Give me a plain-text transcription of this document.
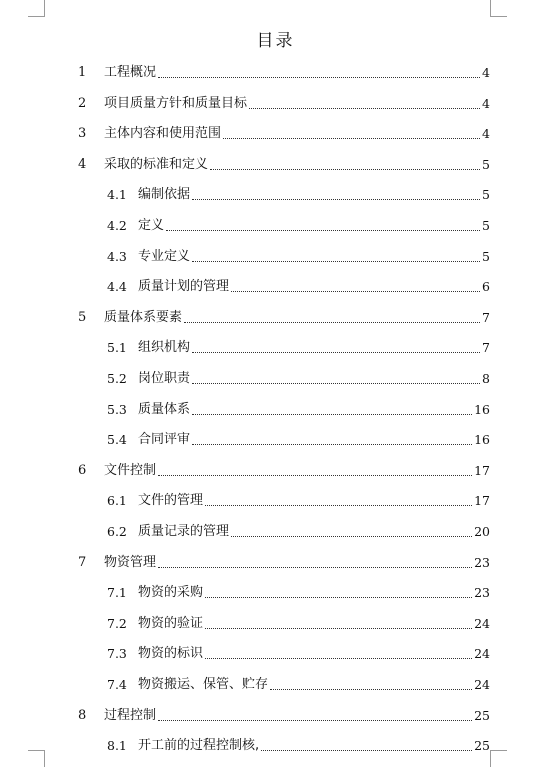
目录
1	工程概况	4
2	项目质量方针和质量目标	4
3	主体内容和使用范围	4
4	采取的标准和定义	5
4.1 编制依据	5
4.2 定义	5
4.3 专业定义	5
4.4 质量计划的管理	6
5	质量体系要素	7
5.1 组织机构	7
5.2 岗位职责	8
5.3 质量体系	16
5.4 合同评审	16
6	文件控制	17
6.1 文件的管理	17
6.2 质量记录的管理	20
7	物资管理	23
7.1 物资的采购	23
7.2 物资的验证	24
7.3 物资的标识	24
7.4 物资搬运、保管、贮存	24
8	过程控制	25
8.1 开工前的过程控制核,	25
